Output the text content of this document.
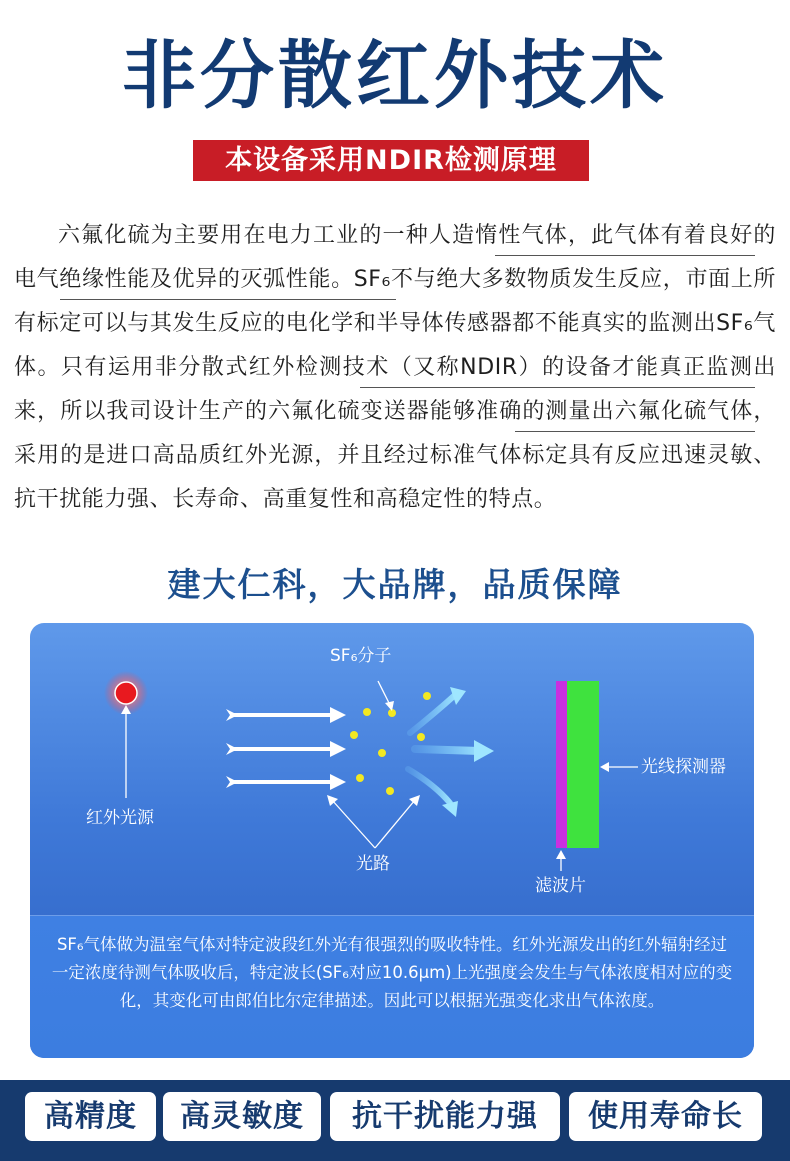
非分散红外技术
本设备采用NDIR检测原理

六氟化硫为主要用在电力工业的一种人造惰性气体，此气体有着良好的电气绝缘性能及优异的灭弧性能。SF₆不与绝大多数物质发生反应，市面上所有标定可以与其发生反应的电化学和半导体传感器都不能真实的监测出SF₆气体。只有运用非分散式红外检测技术（又称NDIR）的设备才能真正监测出来，所以我司设计生产的六氟化硫变送器能够准确的测量出六氟化硫气体，采用的是进口高品质红外光源，并且经过标准气体标定具有反应迅速灵敏、抗干扰能力强、长寿命、高重复性和高稳定性的特点。

建大仁科，大品牌，品质保障
SF₆分子
红外光源
光路
光线探测器
滤波片
SF₆气体做为温室气体对特定波段红外光有很强烈的吸收特性。红外光源发出的红外辐射经过一定浓度待测气体吸收后，特定波长(SF₆对应10.6μm)上光强度会发生与气体浓度相对应的变化，其变化可由郎伯比尔定律描述。因此可以根据光强变化求出气体浓度。
高精度	高灵敏度	抗干扰能力强	使用寿命长
